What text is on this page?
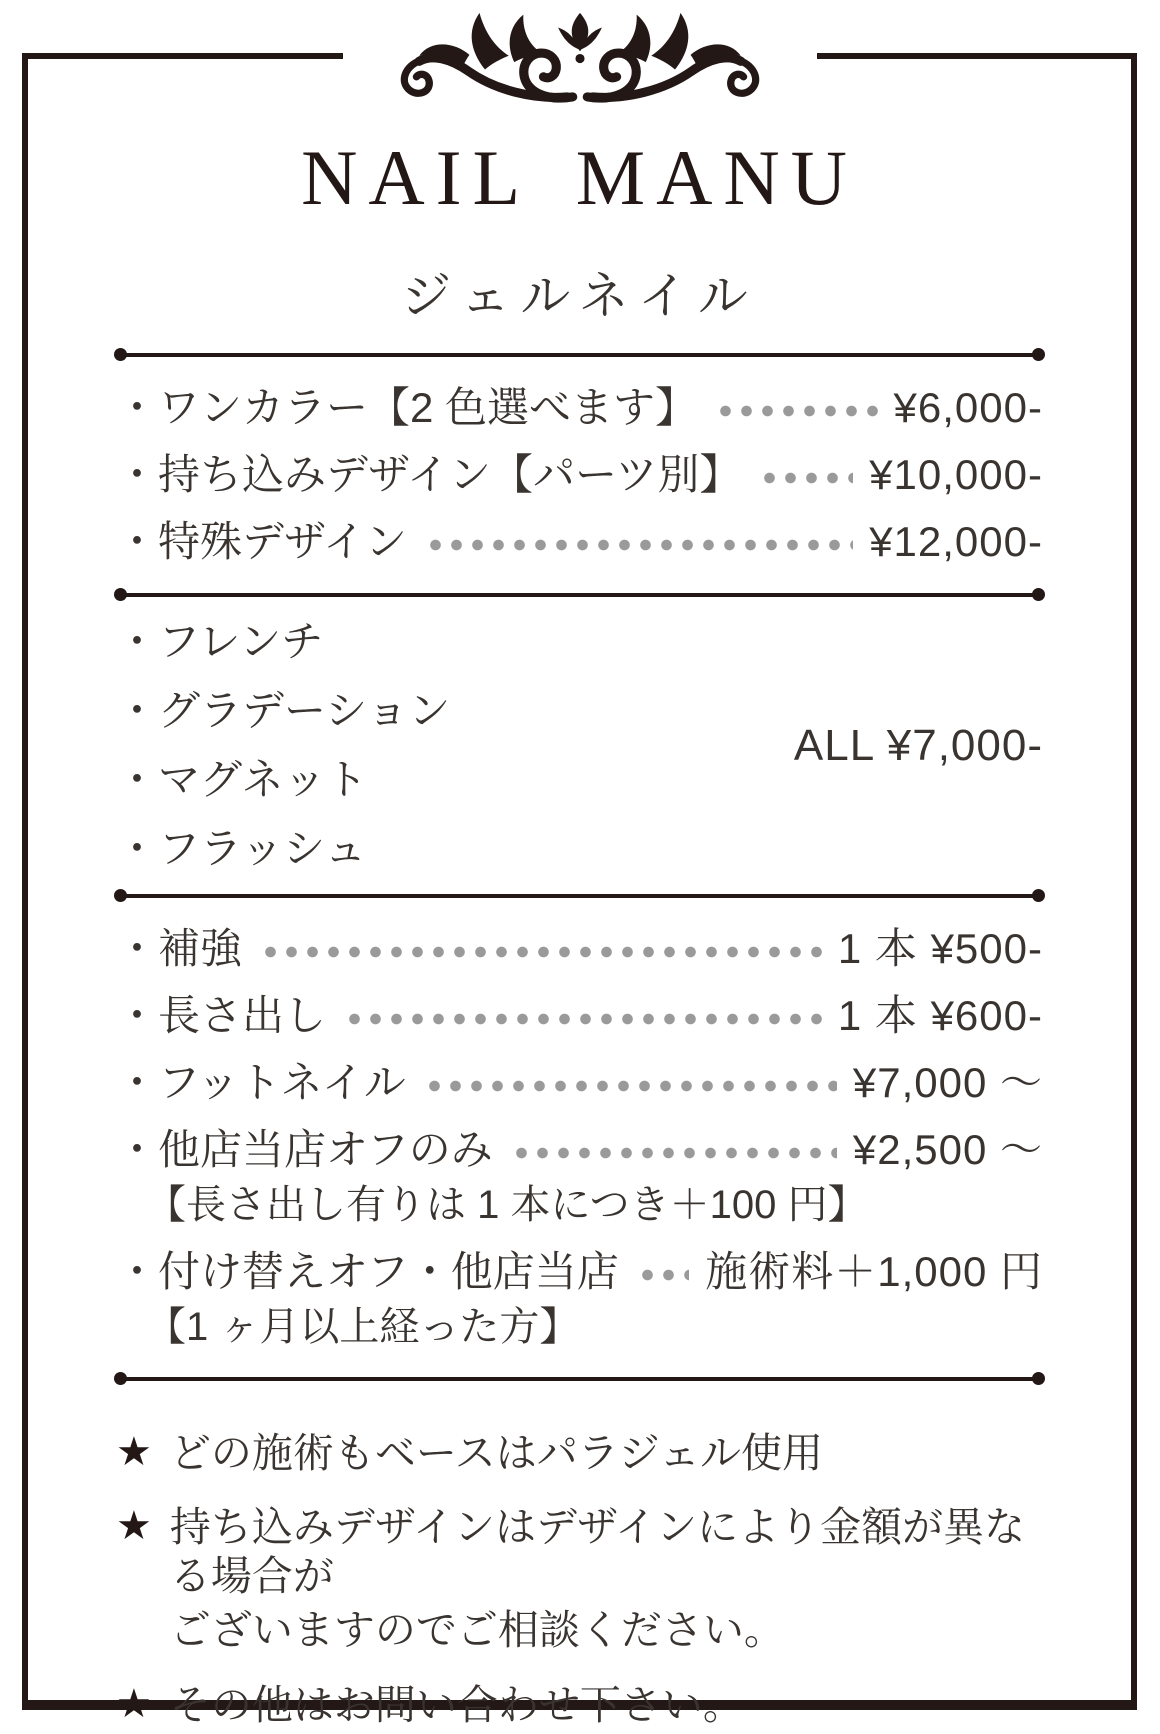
NAIL MANU
ジェルネイル
・ワンカラー【2 色選べます】	¥6,000-
・持ち込みデザイン【パーツ別】	¥10,000-
・特殊デザイン	¥12,000-
・フレンチ
・グラデーション
・マグネット
・フラッシュ
ALL ¥7,000-
・補強	1 本 ¥500-
・長さ出し	1 本 ¥600-
・フットネイル	¥7,000 ～
・他店当店オフのみ	¥2,500 ～
【長さ出し有りは 1 本につき＋100 円】
・付け替えオフ・他店当店 施術料＋1,000 円
【1 ヶ月以上経った方】
★ どの施術もベースはパラジェル使用
★ 持ち込みデザインはデザインにより金額が異なる場合が
ございますのでご相談ください。
★ その他はお問い合わせ下さい。
